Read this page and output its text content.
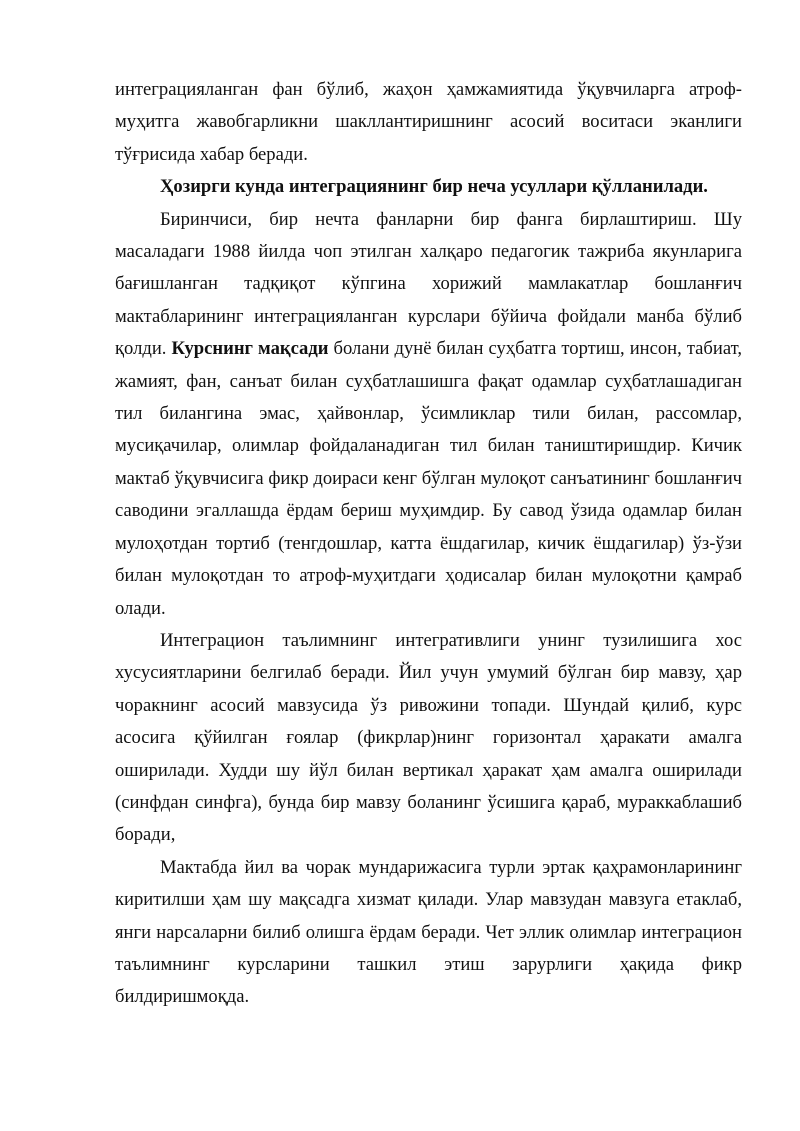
интеграцияланган фан бўлиб, жаҳон ҳамжамиятида ўқувчиларга атроф-муҳитга жавобгарликни шакллантиришнинг асосий воситаси эканлиги тўғрисида хабар беради.

Ҳозирги кунда интеграциянинг бир неча усуллари қўлланилади.

Биринчиси, бир нечта фанларни бир фанга бирлаштириш. Шу масаладаги 1988 йилда чоп этилган халқаро педагогик тажриба якунларига бағишланган тадқиқот кўпгина хорижий мамлакатлар бошланғич мактабларининг интеграцияланган курслари бўйича фойдали манба бўлиб қолди. Курснинг мақсади болани дунё билан суҳбатга тортиш, инсон, табиат, жамият, фан, санъат билан суҳбатлашишга фақат одамлар суҳбатлашадиган тил билангина эмас, ҳайвонлар, ўсимликлар тили билан, рассомлар, мусиқачилар, олимлар фойдаланадиган тил билан таништиришдир. Кичик мактаб ўқувчисига фикр доираси кенг бўлган мулоқот санъатининг бошланғич саводини эгаллашда ёрдам бериш муҳимдир. Бу савод ўзида одамлар билан мулоҳотдан тортиб (тенгдошлар, катта ёшдагилар, кичик ёшдагилар) ўз-ўзи билан мулоқотдан то атроф-муҳитдаги ҳодисалар билан мулоқотни қамраб олади.

Интеграцион таълимнинг интегративлиги унинг тузилишига хос хусусиятларини белгилаб беради. Йил учун умумий бўлган бир мавзу, ҳар чоракнинг асосий мавзусида ўз ривожини топади. Шундай қилиб, курс асосига қўйилган ғоялар (фикрлар)нинг горизонтал ҳаракати амалга оширилади. Худди шу йўл билан вертикал ҳаракат ҳам амалга оширилади (синфдан синфга), бунда бир мавзу боланинг ўсишига қараб, мураккаблашиб боради,

Мактабда йил ва чорак мундарижасига турли эртак қаҳрамонларининг киритилши ҳам шу мақсадга хизмат қилади. Улар мавзудан мавзуга етаклаб, янги нарсаларни билиб олишга ёрдам беради. Чет эллик олимлар интеграцион таълимнинг курсларини ташкил этиш зарурлиги ҳақида фикр билдиришмоқда.
